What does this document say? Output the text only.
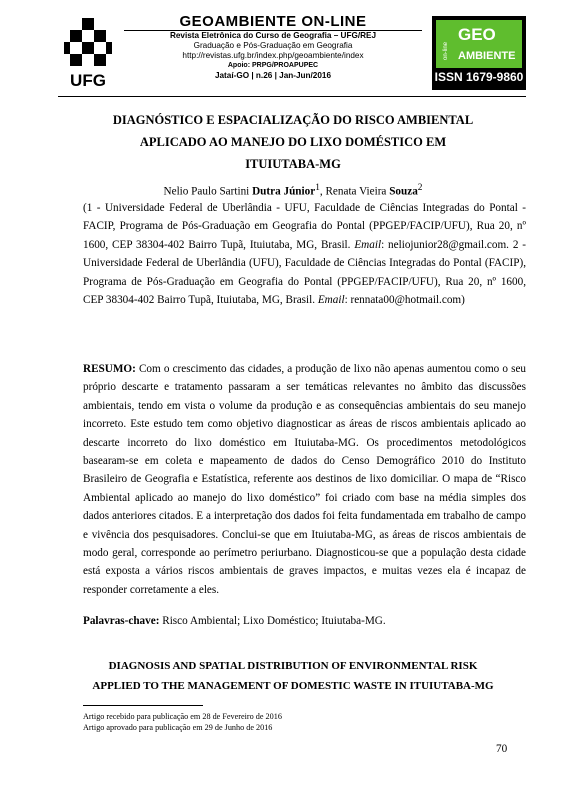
UFG
GEOAMBIENTE ON-LINE
Revista Eletrônica do Curso de Geografia – UFG/REJ
Graduação e Pós-Graduação em Geografia
http://revistas.ufg.br/index.php/geoambiente/index
Apoio: PRPG/PROAPUPEC
Jataí-GO | n.26 | Jan-Jun/2016
on-line
GEO
AMBIENTE
ISSN 1679-9860
DIAGNÓSTICO E ESPACIALIZAÇÃO DO RISCO AMBIENTAL
APLICADO AO MANEJO DO LIXO DOMÉSTICO EM
ITUIUTABA-MG
Nelio Paulo Sartini Dutra Júnior$^1$, Renata Vieira Souza$^2$
(1 - Universidade Federal de Uberlândia - UFU, Faculdade de Ciências Integradas do Pontal - FACIP, Programa de Pós-Graduação em Geografia do Pontal (PPGEP/FACIP/UFU), Rua 20, nº 1600, CEP 38304-402 Bairro Tupã, Ituiutaba, MG, Brasil. Email: neliojunior28@gmail.com. 2 - Universidade Federal de Uberlândia (UFU), Faculdade de Ciências Integradas do Pontal (FACIP), Programa de Pós-Graduação em Geografia do Pontal (PPGEP/FACIP/UFU), Rua 20, nº 1600, CEP 38304-402 Bairro Tupã, Ituiutaba, MG, Brasil. Email: rennata00@hotmail.com)
RESUMO: Com o crescimento das cidades, a produção de lixo não apenas aumentou como o seu próprio descarte e tratamento passaram a ser temáticas relevantes no âmbito das discussões ambientais, tendo em vista o volume da produção e as consequências ambientais do seu manejo incorreto. Este estudo tem como objetivo diagnosticar as áreas de riscos ambientais aplicado ao descarte incorreto do lixo doméstico em Ituiutaba-MG. Os procedimentos metodológicos basearam-se em coleta e mapeamento de dados do Censo Demográfico 2010 do Instituto Brasileiro de Geografia e Estatística, referente aos destinos de lixo domiciliar. O mapa de “Risco Ambiental aplicado ao manejo do lixo doméstico” foi criado com base na média simples dos dados anteriores citados. E a interpretação dos dados foi feita fundamentada em trabalho de campo e vivência dos pesquisadores. Conclui-se que em Ituiutaba-MG, as áreas de riscos ambientais de modo geral, corresponde ao perímetro periurbano. Diagnosticou-se que a população desta cidade está exposta a vários riscos ambientais de graves impactos, e muitas vezes ela é incapaz de responder corretamente a eles.
Palavras-chave: Risco Ambiental; Lixo Doméstico; Ituiutaba-MG.
DIAGNOSIS AND SPATIAL DISTRIBUTION OF ENVIRONMENTAL RISK
APPLIED TO THE MANAGEMENT OF DOMESTIC WASTE IN ITUIUTABA-MG
Artigo recebido para publicação em 28 de Fevereiro de 2016
Artigo aprovado para publicação em 29 de Junho de 2016
70
